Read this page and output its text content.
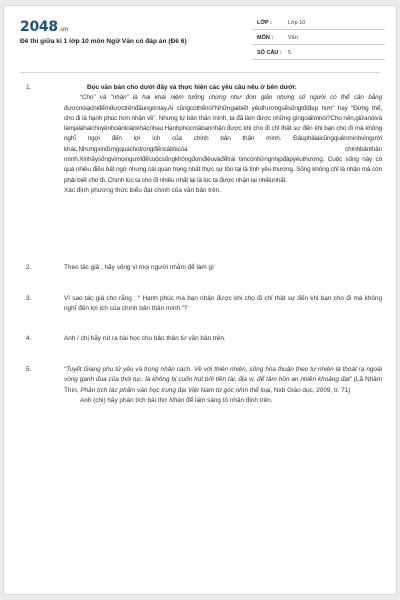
2048.vn
Đề thi giữa kì 1 lớp 10 môn Ngữ Văn có đáp án (Đề 6)
LỚP :	Lớp 10
MÔN :	Văn
SỐ CÂU : 5
1.	Đọc văn bản cho dưới đây và thực hiện các yêu cầu nêu ở bên dưới:

“Cho” và “nhận” là hai khái niệm tưởng chừng như đơn giản nhưng số người có thể cân bằng đượcnóiạchiđểmđượctrênđấungóntay.Ai cũngcóthểnói“Nhữngaibiết yêuthươngsẽsốngtốtđẹp hơn” hay “Đừng thể, cho đi là hạnh phúc hơn nhận về”. Nhưng tự bản thân mình, ta đã làm được những gìngoàilờinói?Cho nên,giữanóivà làmjalàhaichuyệnhoàntoànkhácnhau.Hạnhphúcmàbạnnhận được khi cho đi chỉ thật sự đến khi bạn cho đi mà không nghĩ ngợi đến lợi ích của chính bản thân mình. Đâuphảiaicũngquênmìnhvìngười khác.Nhưngxinđừngquáchútrọngđếncáitôicủa chínhbảnthân mình.Xinhãysốngvìmọingườiđểcuộcsốngkhôngđơnđiệuvàđểtrái timcònhữngnhịpđậpyêuthương. Cuộc sống này có quá nhiều điều bất ngờ nhưng cái quan trọng nhất thực sự tồn tại là tình yêu thương. Sống không chỉ là nhận mà còn phải biết cho đi. Chính lúc ta cho đi nhiều nhất lại là lúc ta được nhận lại nhiềunhất.

Xác định phương thức biểu đạt chính của văn bản trên.

2.	Theo tác giả , hãy sống vì mọi người nhằm để làm gì

3.	Vì sao tác giả cho rằng : “ Hạnh phúc mà bạn nhận được khi cho đi chỉ thật sự đến khi bạn cho đi mà không nghĩ đến lợi ích của chính bản thân mình ”?

4.	Anh / chị hãy rút ra bài học cho bản thân từ văn bản trên.

5.	“Tuyết Giang phu tử yêu và trọng nhân cách. Về với thiên nhiên, sống hòa thuận theo tự nhiên là thoát ra ngoài vòng ganh đua của thói tục, là không bị cuốn hút bởi tiền tài, địa vị, để tâm hồn an nhiên khoảng đạt” (Lã Nhâm Thìn, Phân tích tác phẩm văn học trung đại Việt Nam từ góc nhìn thể loại, Nxb Giáo dục, 2009, tr. 71)

Anh (chị) hãy phân tích bài thơ Nhàn để làm sáng tỏ nhận định trên.
